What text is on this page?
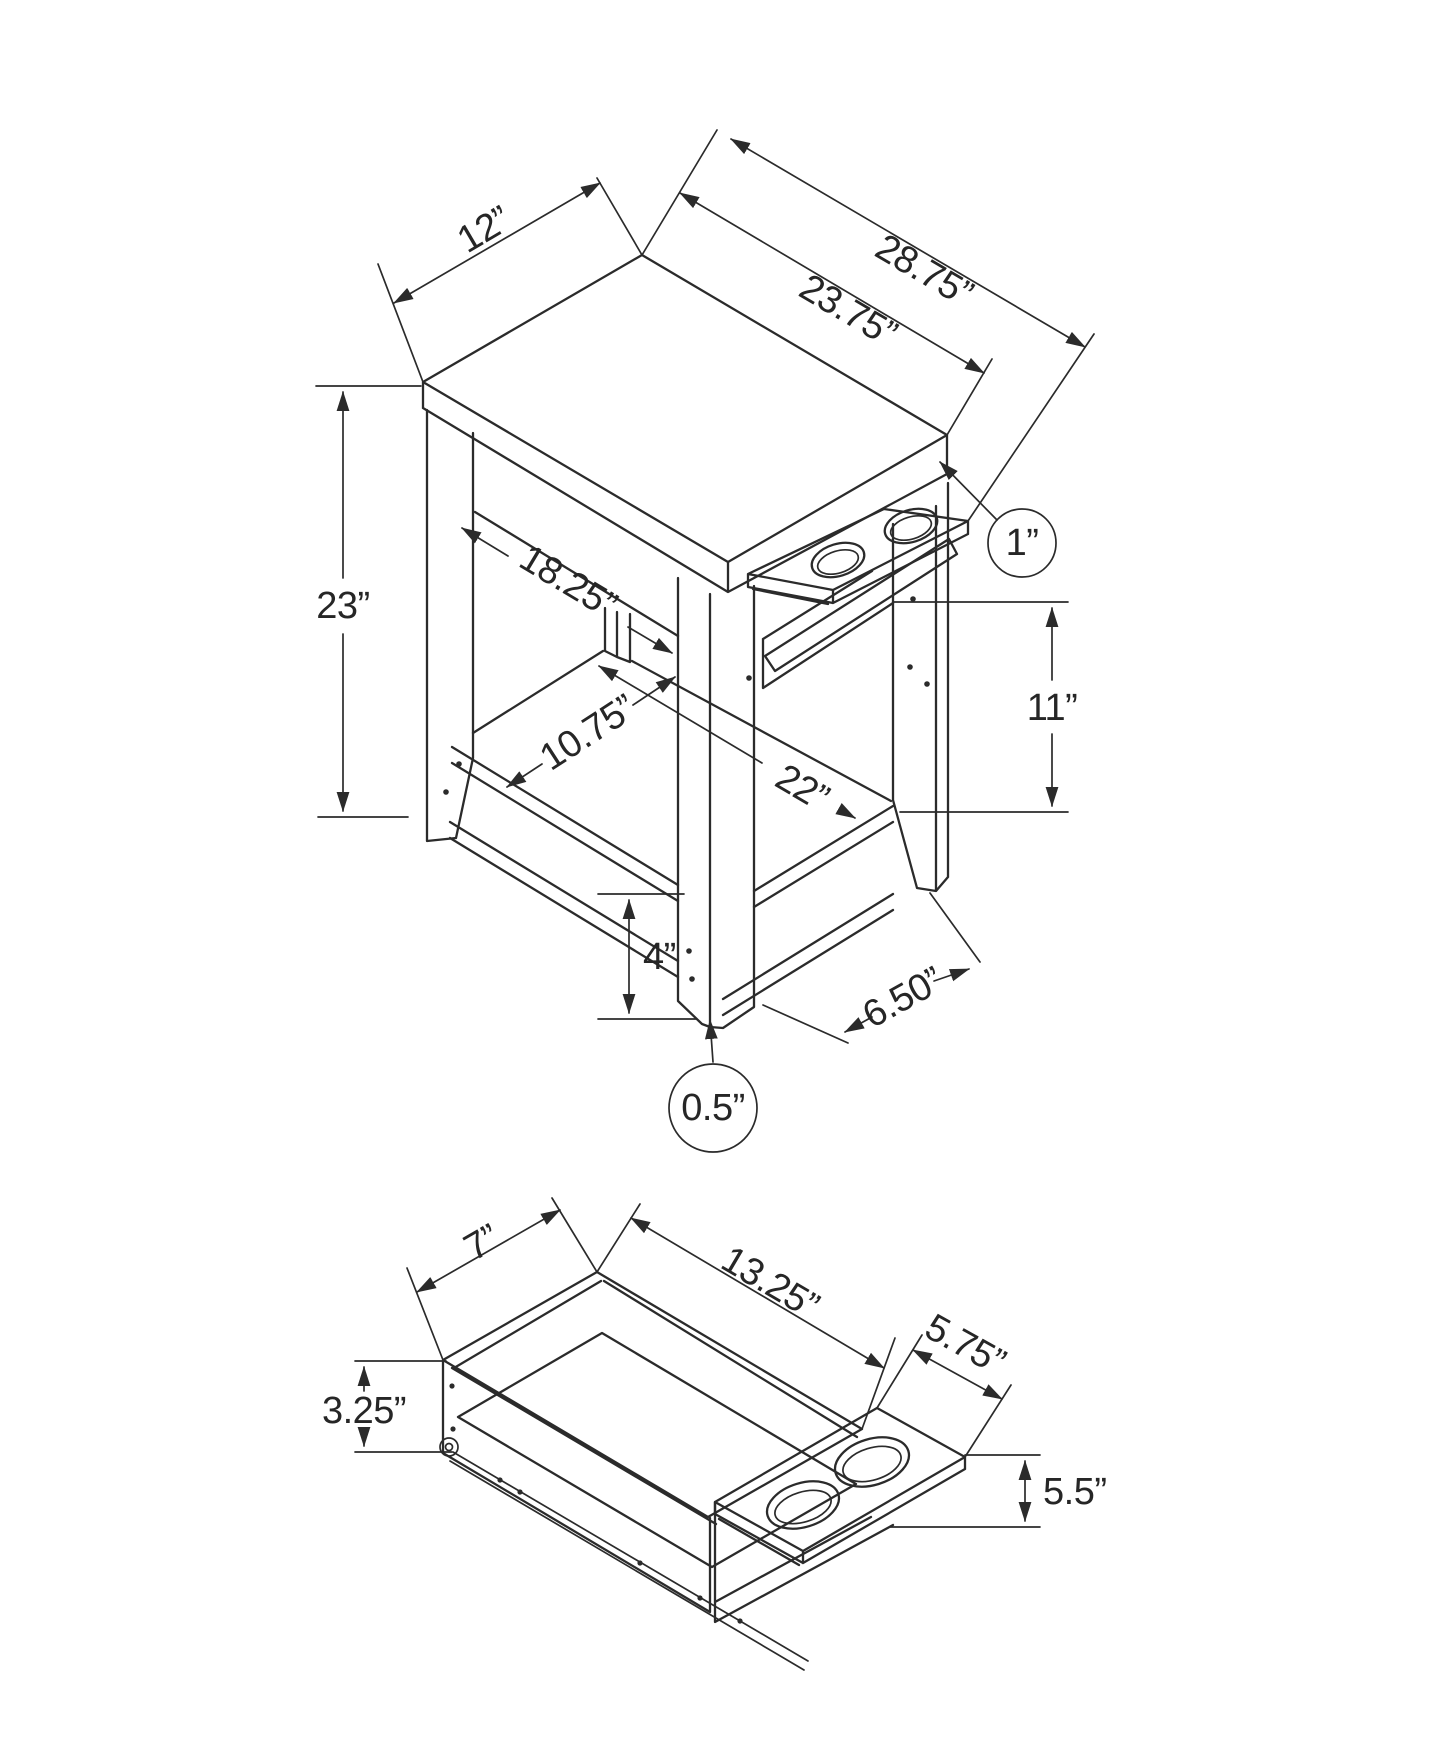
12”	28.75”
23.75”
23”	18.25”
10.75”
22”
11”
4”
6.50”
1”
0.5”
7”	13.25”
5.75”
3.25”
5.5”
